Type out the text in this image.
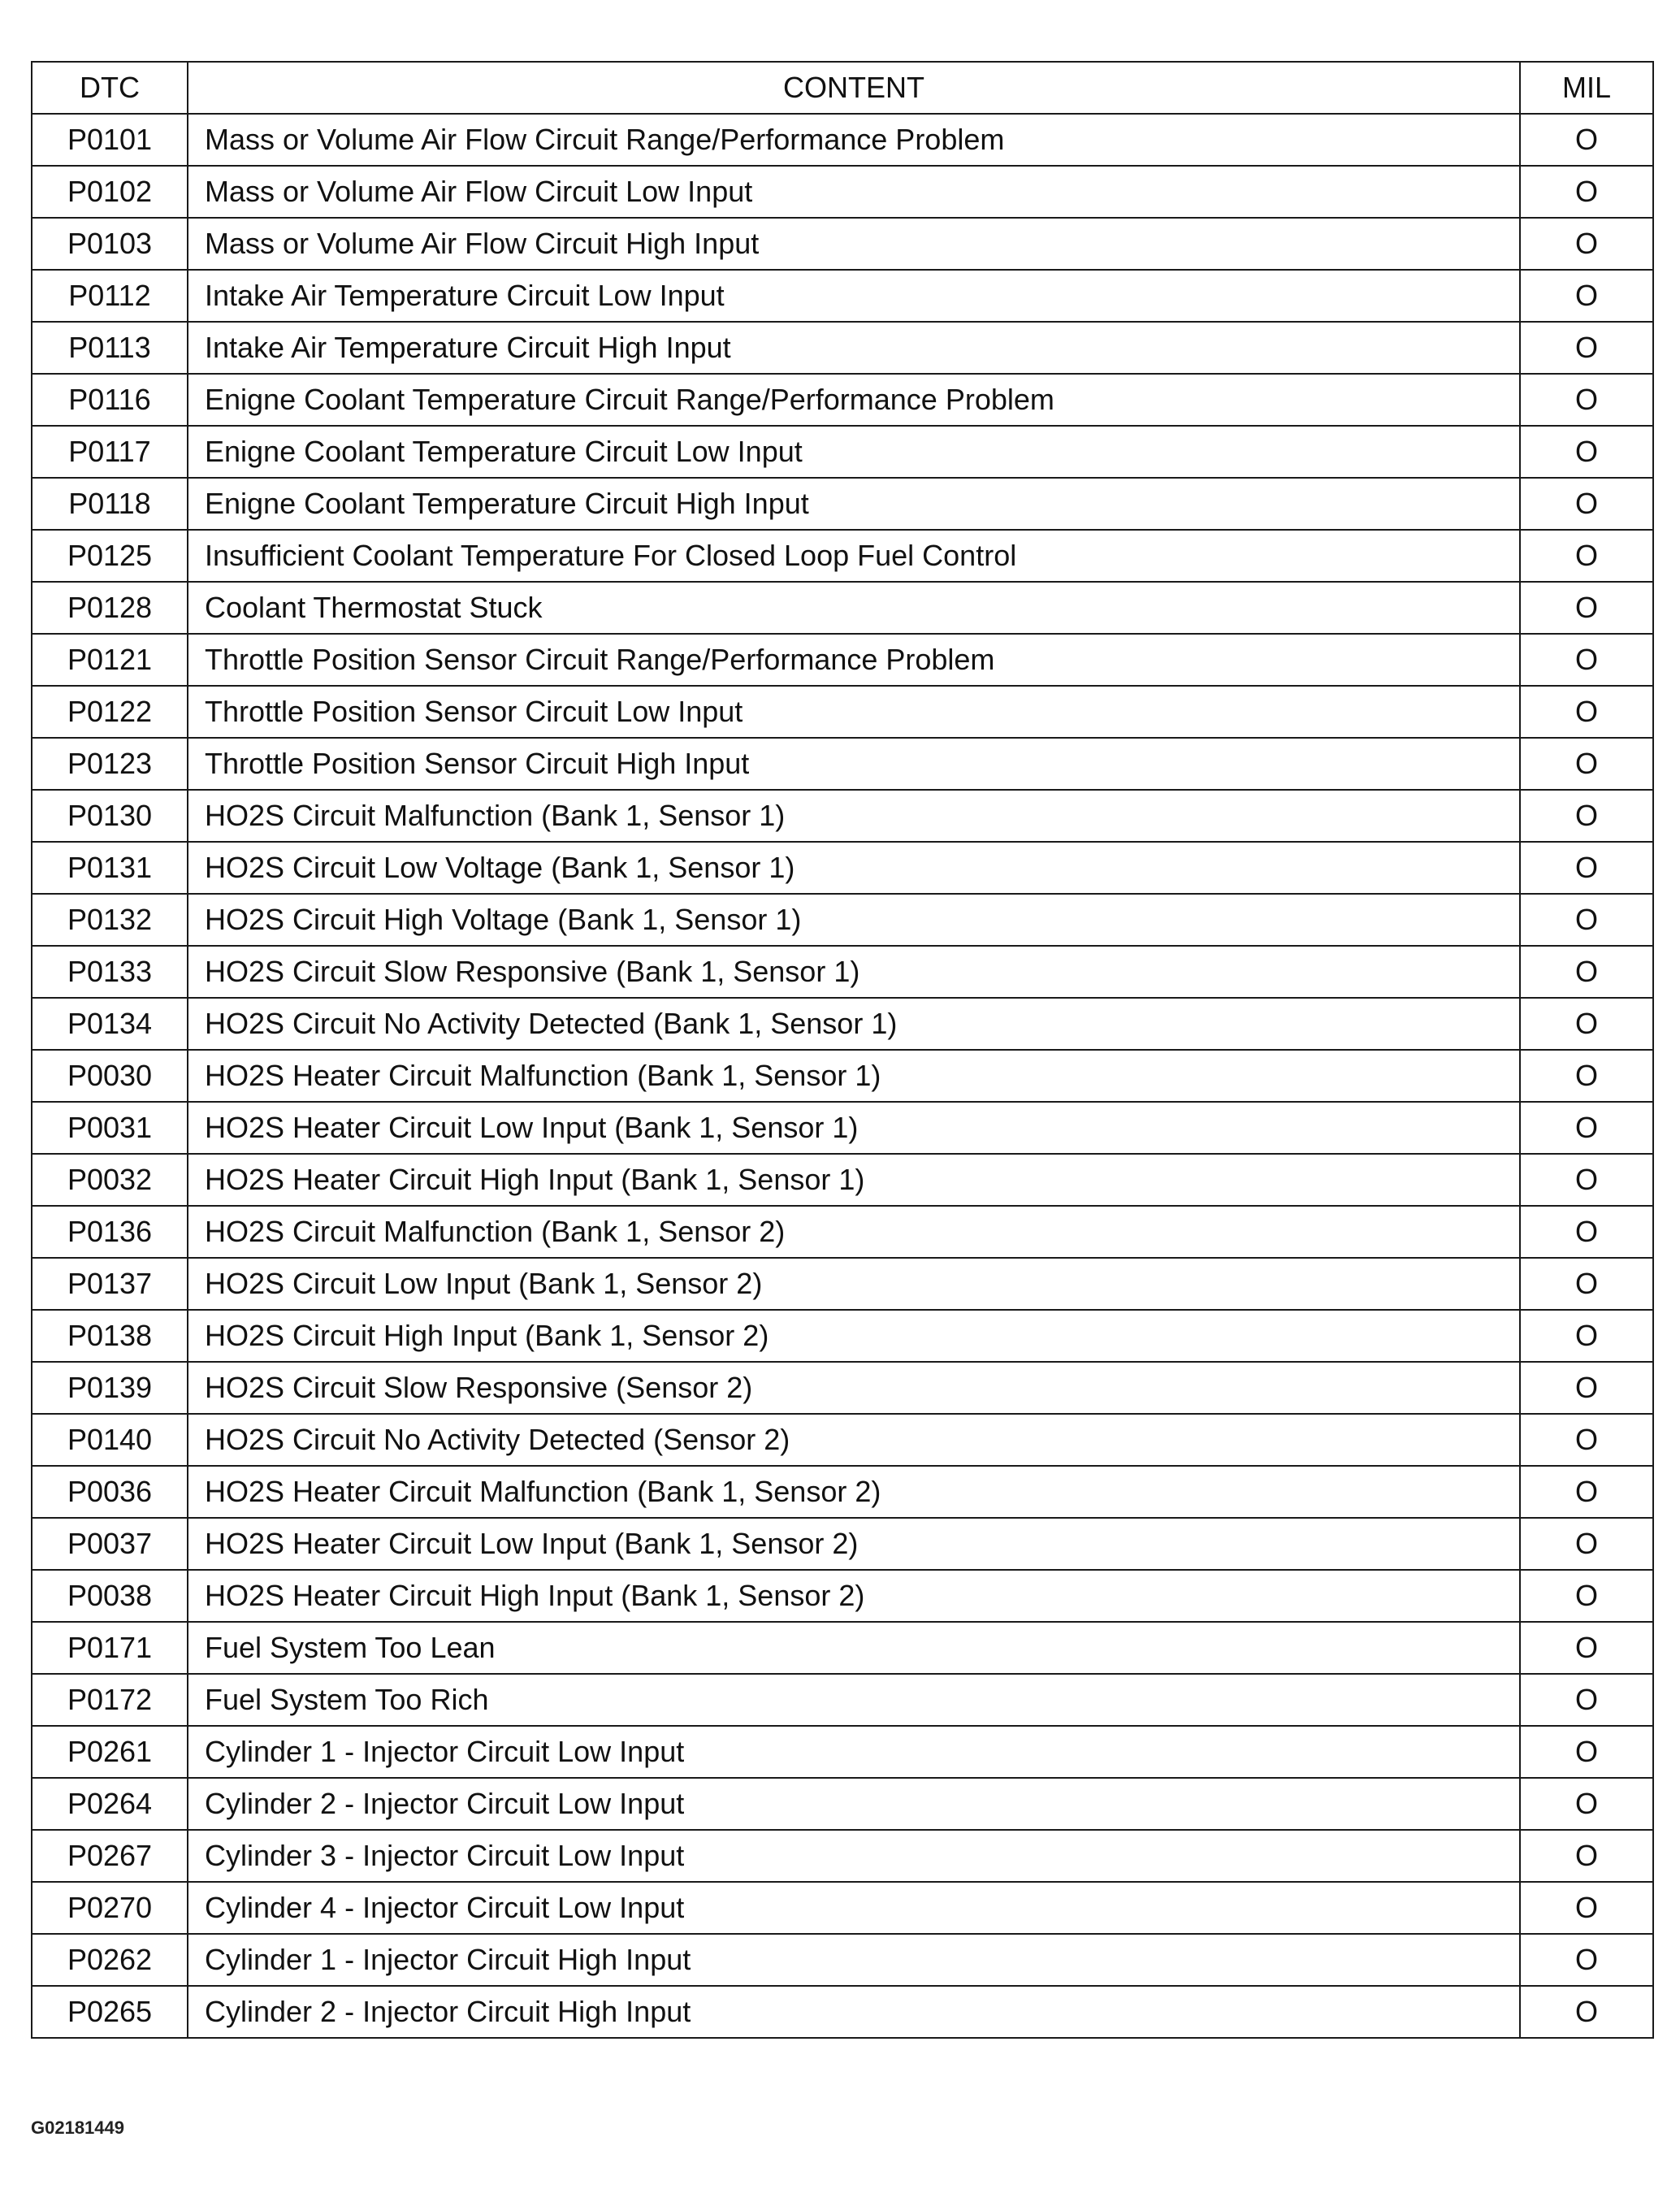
DTC	CONTENT	MIL
P0101	Mass or Volume Air Flow Circuit Range/Performance Problem	O
P0102	Mass or Volume Air Flow Circuit Low Input	O
P0103	Mass or Volume Air Flow Circuit High Input	O
P0112	Intake Air Temperature Circuit Low Input	O
P0113	Intake Air Temperature Circuit High Input	O
P0116	Enigne Coolant Temperature Circuit Range/Performance Problem	O
P0117	Enigne Coolant Temperature Circuit Low Input	O
P0118	Enigne Coolant Temperature Circuit High Input	O
P0125	Insufficient Coolant Temperature For Closed Loop Fuel Control	O
P0128	Coolant Thermostat Stuck	O
P0121	Throttle Position Sensor Circuit Range/Performance Problem	O
P0122	Throttle Position Sensor Circuit Low Input	O
P0123	Throttle Position Sensor Circuit High Input	O
P0130	HO2S Circuit Malfunction (Bank 1, Sensor 1)	O
P0131	HO2S Circuit Low Voltage (Bank 1, Sensor 1)	O
P0132	HO2S Circuit High Voltage (Bank 1, Sensor 1)	O
P0133	HO2S Circuit Slow Responsive (Bank 1, Sensor 1)	O
P0134	HO2S Circuit No Activity Detected (Bank 1, Sensor 1)	O
P0030	HO2S Heater Circuit Malfunction (Bank 1, Sensor 1)	O
P0031	HO2S Heater Circuit Low Input (Bank 1, Sensor 1)	O
P0032	HO2S Heater Circuit High Input (Bank 1, Sensor 1)	O
P0136	HO2S Circuit Malfunction (Bank 1, Sensor 2)	O
P0137	HO2S Circuit Low Input (Bank 1, Sensor 2)	O
P0138	HO2S Circuit High Input (Bank 1, Sensor 2)	O
P0139	HO2S Circuit Slow Responsive (Sensor 2)	O
P0140	HO2S Circuit No Activity Detected (Sensor 2)	O
P0036	HO2S Heater Circuit Malfunction (Bank 1, Sensor 2)	O
P0037	HO2S Heater Circuit Low Input (Bank 1, Sensor 2)	O
P0038	HO2S Heater Circuit High Input (Bank 1, Sensor 2)	O
P0171	Fuel System Too Lean	O
P0172	Fuel System Too Rich	O
P0261	Cylinder 1 - Injector Circuit Low Input	O
P0264	Cylinder 2 - Injector Circuit Low Input	O
P0267	Cylinder 3 - Injector Circuit Low Input	O
P0270	Cylinder 4 - Injector Circuit Low Input	O
P0262	Cylinder 1 - Injector Circuit High Input	O
P0265	Cylinder 2 - Injector Circuit High Input	O
G02181449
